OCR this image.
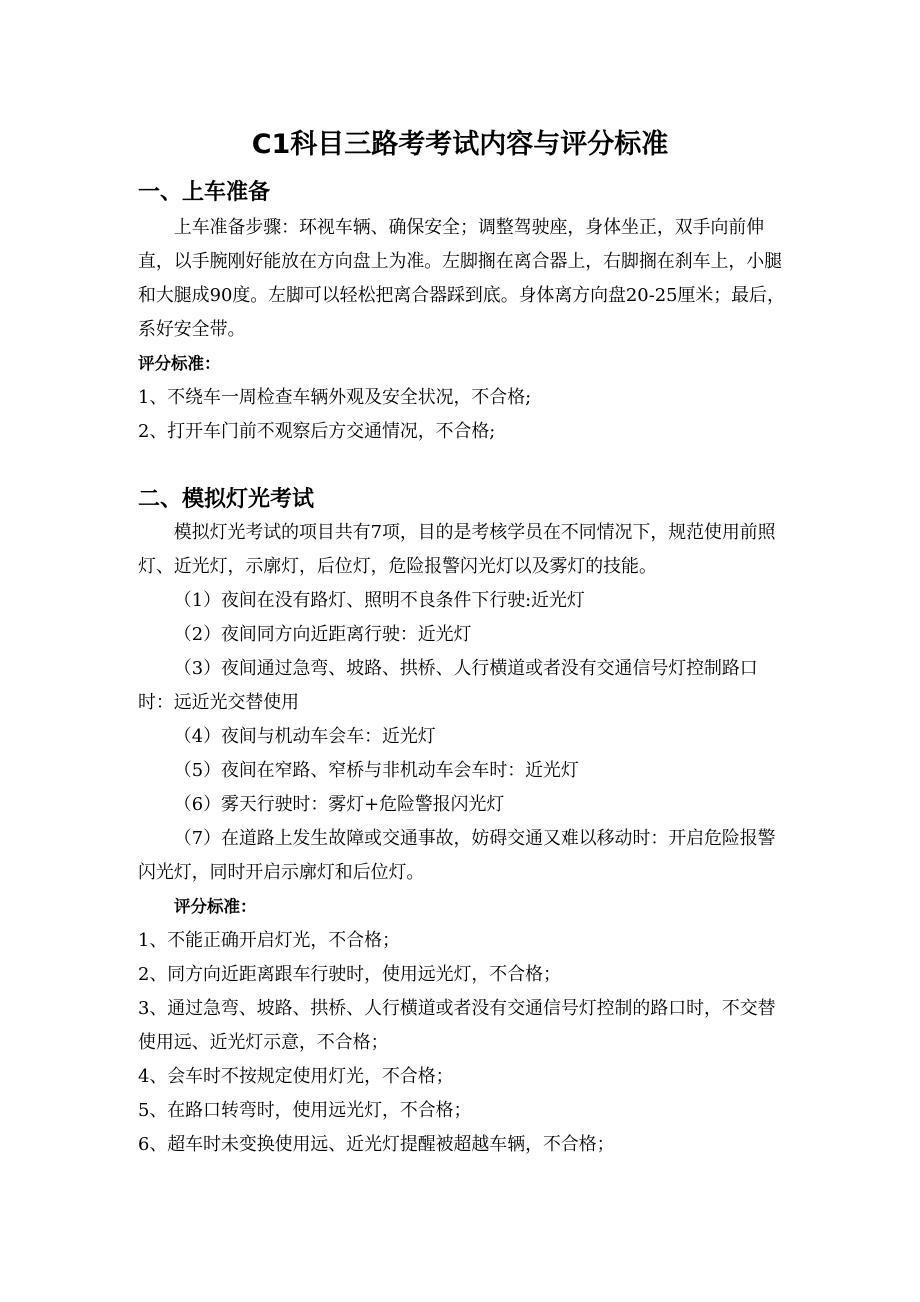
C1科目三路考考试内容与评分标准
一、上车准备

上车准备步骤：环视车辆、确保安全；调整驾驶座，身体坐正，双手向前伸直，以手腕刚好能放在方向盘上为准。左脚搁在离合器上，右脚搁在刹车上，小腿和大腿成90度。左脚可以轻松把离合器踩到底。身体离方向盘20-25厘米；最后，系好安全带。

评分标准：

1、不绕车一周检查车辆外观及安全状况，不合格;

2、打开车门前不观察后方交通情况，不合格;

二、模拟灯光考试

模拟灯光考试的项目共有7项，目的是考核学员在不同情况下，规范使用前照灯、近光灯，示廓灯，后位灯，危险报警闪光灯以及雾灯的技能。

（1）夜间在没有路灯、照明不良条件下行驶:近光灯

（2）夜间同方向近距离行驶：近光灯

（3）夜间通过急弯、坡路、拱桥、人行横道或者没有交通信号灯控制路口时：远近光交替使用

（4）夜间与机动车会车：近光灯

（5）夜间在窄路、窄桥与非机动车会车时：近光灯

（6）雾天行驶时：雾灯+危险警报闪光灯

（7）在道路上发生故障或交通事故，妨碍交通又难以移动时：开启危险报警闪光灯，同时开启示廓灯和后位灯。

评分标准：

1、不能正确开启灯光，不合格；

2、同方向近距离跟车行驶时，使用远光灯，不合格；

3、通过急弯、坡路、拱桥、人行横道或者没有交通信号灯控制的路口时，不交替使用远、近光灯示意，不合格；

4、会车时不按规定使用灯光，不合格；

5、在路口转弯时，使用远光灯，不合格；

6、超车时未变换使用远、近光灯提醒被超越车辆，不合格；
